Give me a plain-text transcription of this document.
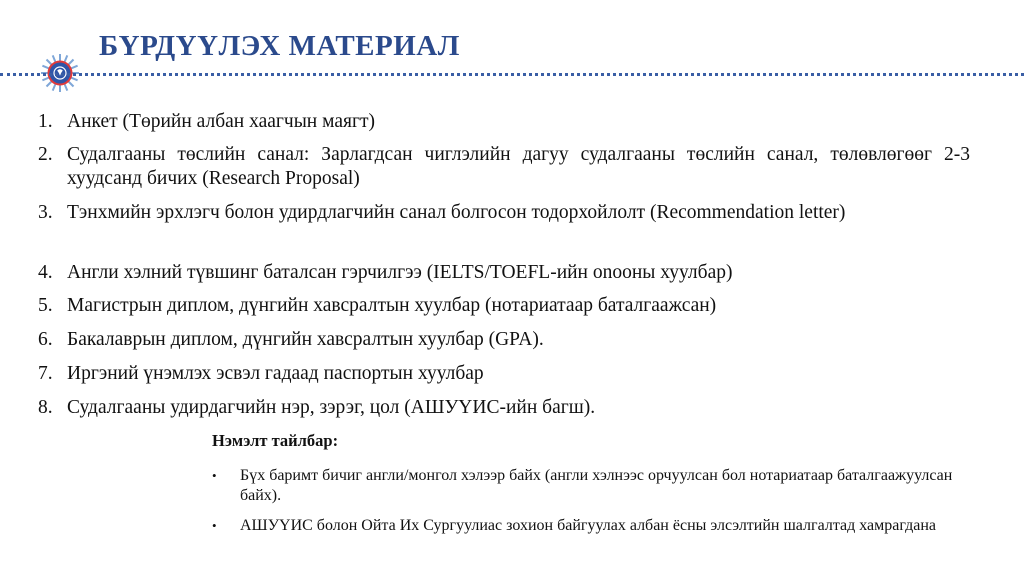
БҮРДҮҮЛЭХ МАТЕРИАЛ
1. Анкет (Төрийн албан хаагчын маягт)
2. Судалгааны төслийн санал: Зарлагдсан чиглэлийн дагуу судалгааны төслийн санал, төлөвлөгөөг 2-3 хуудсанд бичих (Research Proposal)
3. Тэнхмийн эрхлэгч болон удирдлагчийн санал болгосон тодорхойлолт (Recommendation letter)
4. Англи хэлний түвшинг баталсан гэрчилгээ (IELTS/TOEFL-ийн onooны хуулбар)
5. Магистрын диплом, дүнгийн хавсралтын хуулбар (нотариатаар баталгаажсан)
6. Бакалаврын диплом, дүнгийн хавсралтын хуулбар (GPA).
7. Иргэний үнэмлэх эсвэл гадаад паспортын хуулбар
8. Судалгааны удирдагчийн нэр, зэрэг, цол (АШУҮИС-ийн багш).

Нэмэлт тайлбар:

• Бүх баримт бичиг англи/монгол хэлээр байх (англи хэлнээс орчуулсан бол нотариатаар баталгаажуулсан байх).
• АШУҮИС болон Ойта Их Сургуулиас зохион байгуулах албан ёсны элсэлтийн шалгалтад хамрагдана
